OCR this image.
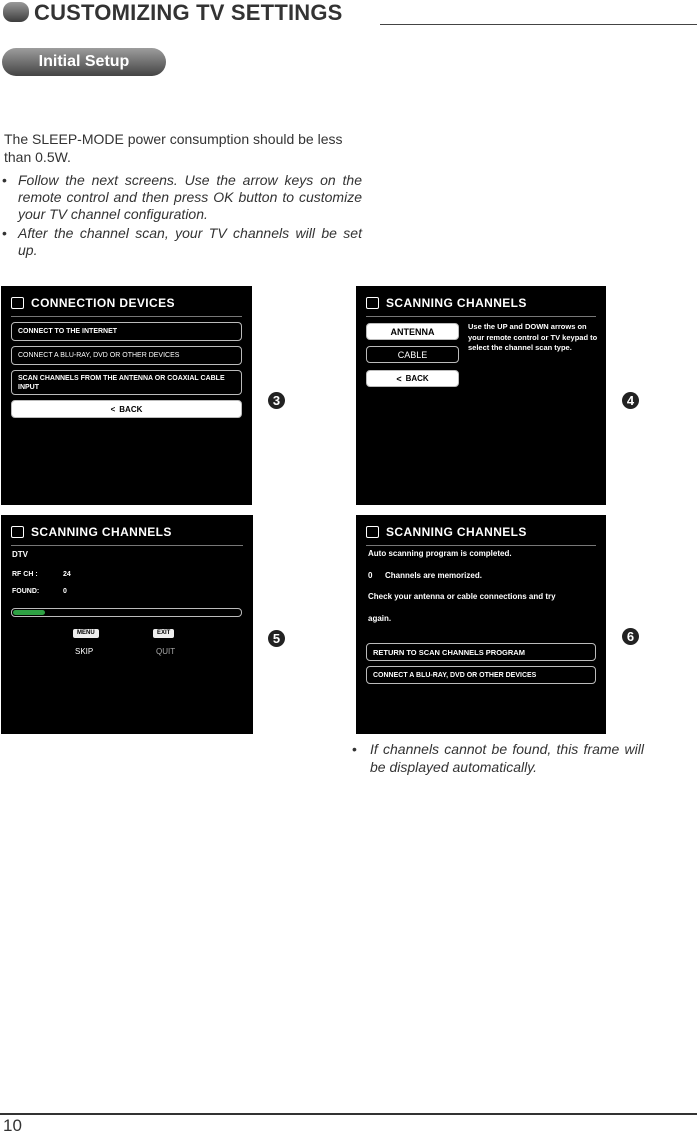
CUSTOMIZING TV SETTINGS
Initial Setup
The SLEEP-MODE power consumption should be less than 0.5W.
• Follow the next screens. Use the arrow keys on the remote control and then press OK button to customize your TV channel configuration.
• After the channel scan, your TV channels will be set up.
CONNECTION DEVICES
CONNECT TO THE INTERNET
CONNECT A BLU-RAY, DVD OR OTHER DEVICES
SCAN CHANNELS FROM THE ANTENNA OR COAXIAL CABLE INPUT
< BACK
3
SCANNING CHANNELS
ANTENNA
CABLE
< BACK
Use the UP and DOWN arrows on your remote control or TV keypad to select the channel scan type.
4
SCANNING CHANNELS
DTV
RF CH :	24
FOUND:	0
MENU
SKIP
EXIT
QUIT
5
SCANNING CHANNELS
Auto scanning program is completed.
0 Channels are memorized.
Check your antenna or cable connections and try
again.
RETURN TO SCAN CHANNELS PROGRAM
CONNECT A BLU-RAY, DVD OR OTHER DEVICES
6
• If channels cannot be found, this frame will be displayed automatically.
10
